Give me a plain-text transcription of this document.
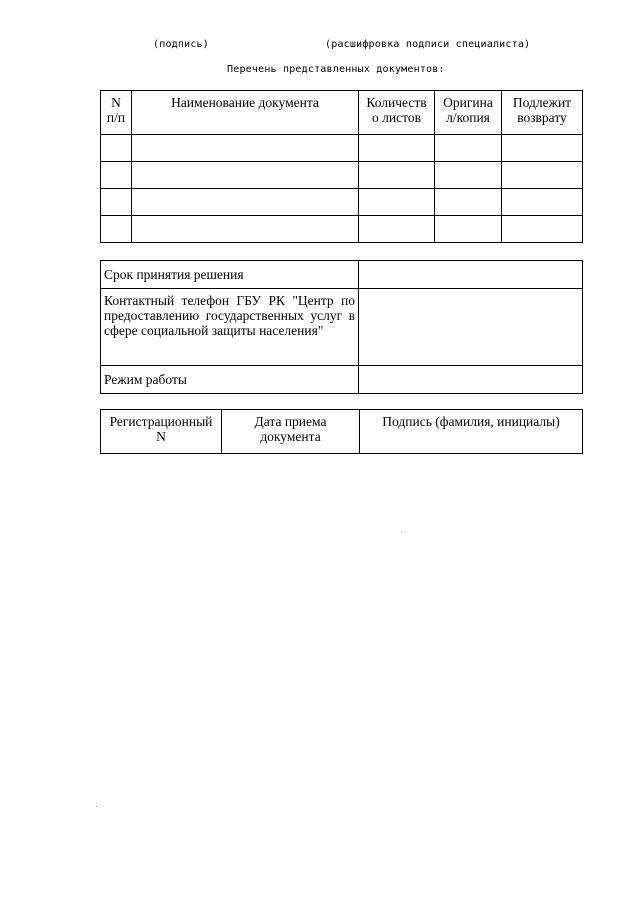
(подпись)	(расшифровка подписи специалиста)
Перечень представленных документов:
N п/п	Наименование документа	Количеств о листов	Оригина л/копия	Подлежит возврату

Срок принятия решения	
Контактный телефон ГБУ РК "Центр по предоставлению государственных услуг в сфере социальной защиты населения"	
Режим работы	
Регистрационный N	Дата приема документа	Подпись (фамилия, инициалы)
